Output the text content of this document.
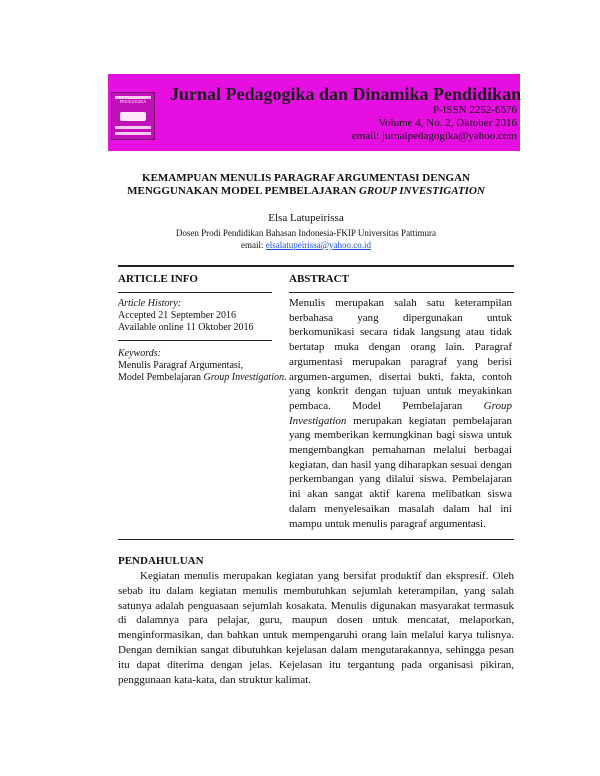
PEDAGOGIKA Jurnal Pedagogika dan Dinamika Pendidikan
P-ISSN 2252-6676
Volume 4, No. 2, Oktober 2016
email: jurnalpedagogika@yahoo.com
KEMAMPUAN MENULIS PARAGRAF ARGUMENTASI DENGAN
MENGGUNAKAN MODEL PEMBELAJARAN GROUP INVESTIGATION
Elsa Latupeirissa
Dosen Prodi Pendidikan Bahasan Indonesia-FKIP Universitas Pattimura
email: elsalatupeirissa@yahoo.co.id
ARTICLE INFO	ABSTRACT
Article History:
Accepted 21 September 2016
Available online 11 Oktober 2016
Keywords:
Menulis Paragraf Argumentasi,
Model Pembelajaran Group Investigation.
Menulis merupakan salah satu keterampilan berbahasa yang dipergunakan untuk berkomunikasi secara tidak langsung atau tidak bertatap muka dengan orang lain. Paragraf argumentasi merupakan paragraf yang berisi argumen-argumen, disertai bukti, fakta, contoh yang konkrit dengan tujuan untuk meyakinkan pembaca. Model Pembelajaran Group Investigation merupakan kegiatan pembelajaran yang memberikan kemungkinan bagi siswa untuk mengembangkan pemahaman melalui berbagai kegiatan, dan hasil yang diharapkan sesuai dengan perkembangan yang dilalui siswa. Pembelajaran ini akan sangat aktif karena melibatkan siswa dalam menyelesaikan masalah dalam hal ini mampu untuk menulis paragraf argumentasi.
PENDAHULUAN

Kegiatan menulis merupakan kegiatan yang bersifat produktif dan ekspresif. Oleh sebab itu dalam kegiatan menulis membutuhkan sejumlah keterampilan, yang salah satunya adalah penguasaan sejumlah kosakata. Menulis digunakan masyarakat termasuk di dalamnya para pelajar, guru, maupun dosen untuk mencatat, melaporkan, menginformasikan, dan bahkan untuk mempengaruhi orang lain melalui karya tulisnya. Dengan demikian sangat dibutuhkan kejelasan dalam mengutarakannya, sehingga pesan itu dapat diterima dengan jelas. Kejelasan itu tergantung pada organisasi pikiran, penggunaan kata-kata, dan struktur kalimat.
